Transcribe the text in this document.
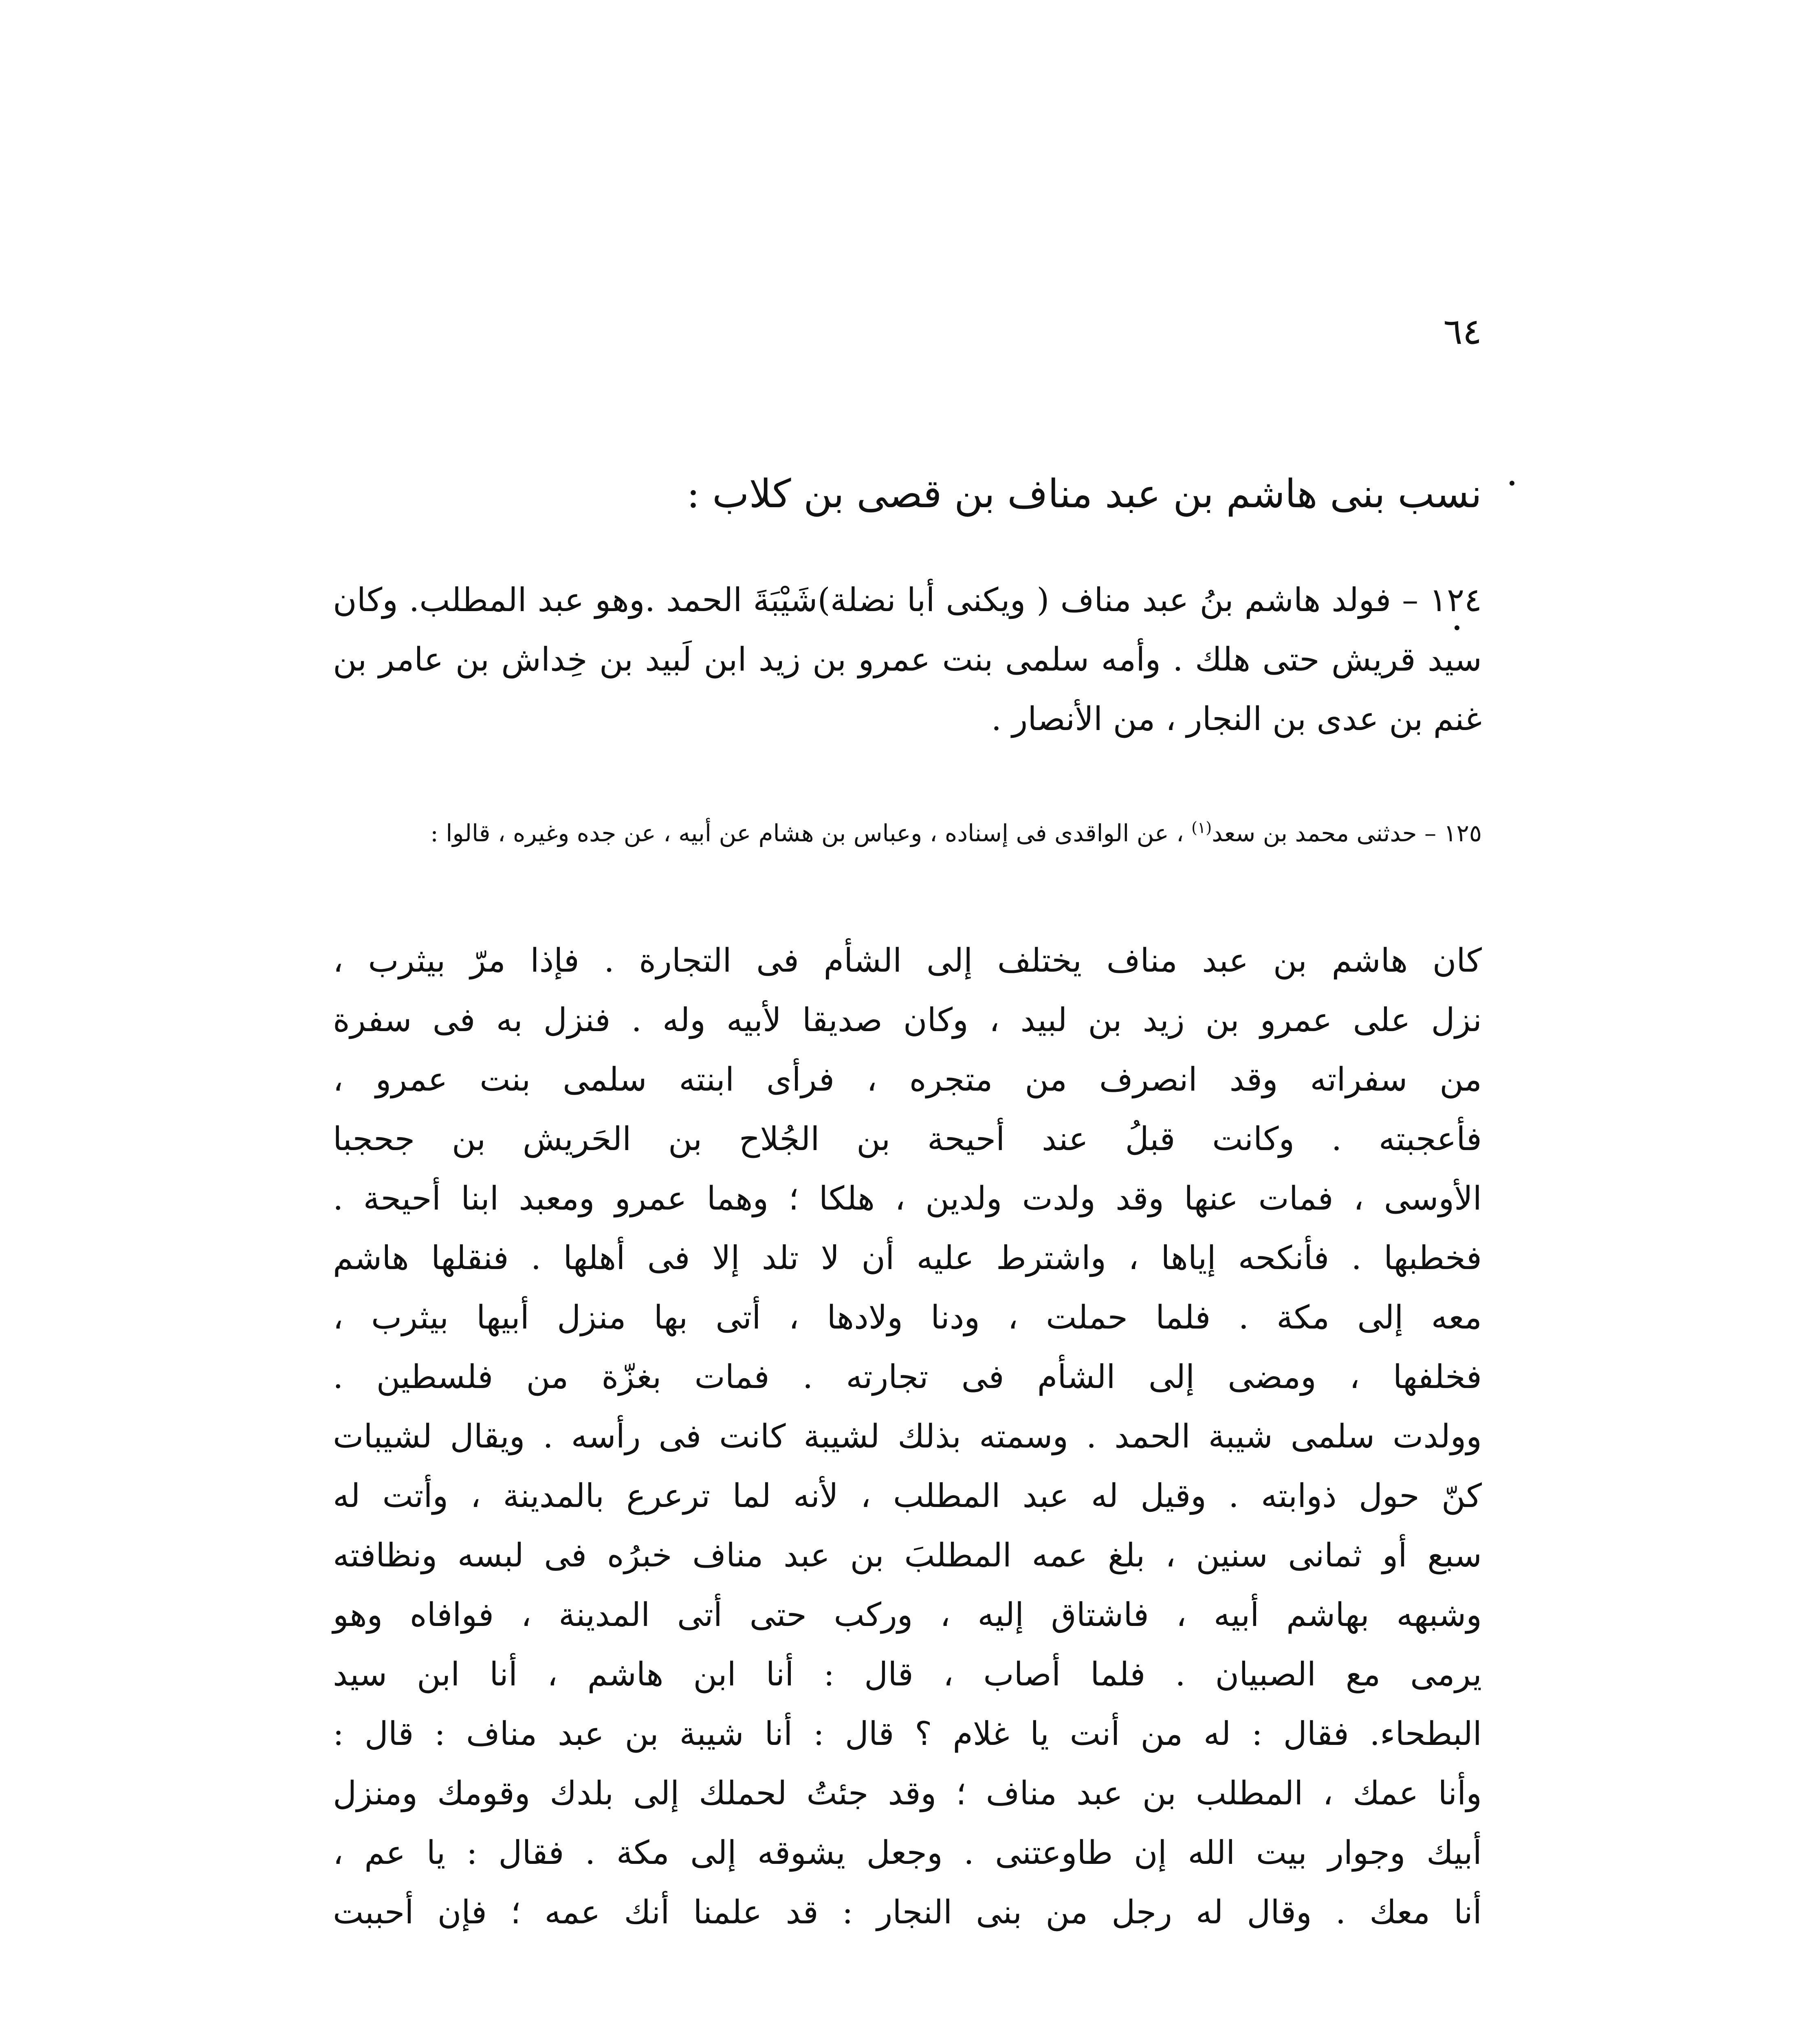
٦٤
نسب بنى هاشم بن عبد مناف بن قصى بن كلاب :

١٢٤ – فولد هاشم بنُ عبد مناف ( ويكنى أبا نضلة)شَيْبَةَ الحمد .وهو عبد المطلب. وكان سيد قريش حتى هلك . وأمه سلمى بنت عمرو بن زيد ابن لَبيد بن خِداش بن عامر بن غنم بن عدى بن النجار ، من الأنصار .

١٢٥ – حدثنى محمد بن سعد$^{(١)}$ ، عن الواقدى فى إسناده ، وعباس بن هشام عن أبيه ، عن جده وغيره ، قالوا :

كان هاشم بن عبد مناف يختلف إلى الشأم فى التجارة . فإذا مرّ بيثرب ،
نزل على عمرو بن زيد بن لبيد ، وكان صديقا لأبيه وله . فنزل به فى سفرة
من سفراته وقد انصرف من متجره ، فرأى ابنته سلمى بنت عمرو ،
فأعجبته . وكانت قبلُ عند أحيحة بن الجُلاح بن الحَريش بن جحجبا
الأوسى ، فمات عنها وقد ولدت ولدين ، هلكا ؛ وهما عمرو ومعبد ابنا أحيحة .
فخطبها . فأنكحه إياها ، واشترط عليه أن لا تلد إلا فى أهلها . فنقلها هاشم
معه إلى مكة . فلما حملت ، ودنا ولادها ، أتى بها منزل أبيها بيثرب ،
فخلفها ، ومضى إلى الشأم فى تجارته . فمات بغزّة من فلسطين .
وولدت سلمى شيبة الحمد . وسمته بذلك لشيبة كانت فى رأسه . ويقال لشيبات
كنّ حول ذوابته . وقيل له عبد المطلب ، لأنه لما ترعرع بالمدينة ، وأتت له
سبع أو ثمانى سنين ، بلغ عمه المطلبَ بن عبد مناف خبرُه فى لبسه ونظافته
وشبهه بهاشم أبيه ، فاشتاق إليه ، وركب حتى أتى المدينة ، فوافاه وهو
يرمى مع الصبيان . فلما أصاب ، قال : أنا ابن هاشم ، أنا ابن سيد
البطحاء. فقال : له من أنت يا غلام ؟ قال : أنا شيبة بن عبد مناف : قال :
وأنا عمك ، المطلب بن عبد مناف ؛ وقد جئتُ لحملك إلى بلدك وقومك ومنزل
أبيك وجوار بيت الله إن طاوعتنى . وجعل يشوقه إلى مكة . فقال : يا عم ،
أنا معك . وقال له رجل من بنى النجار : قد علمنا أنك عمه ؛ فإن أحببت
